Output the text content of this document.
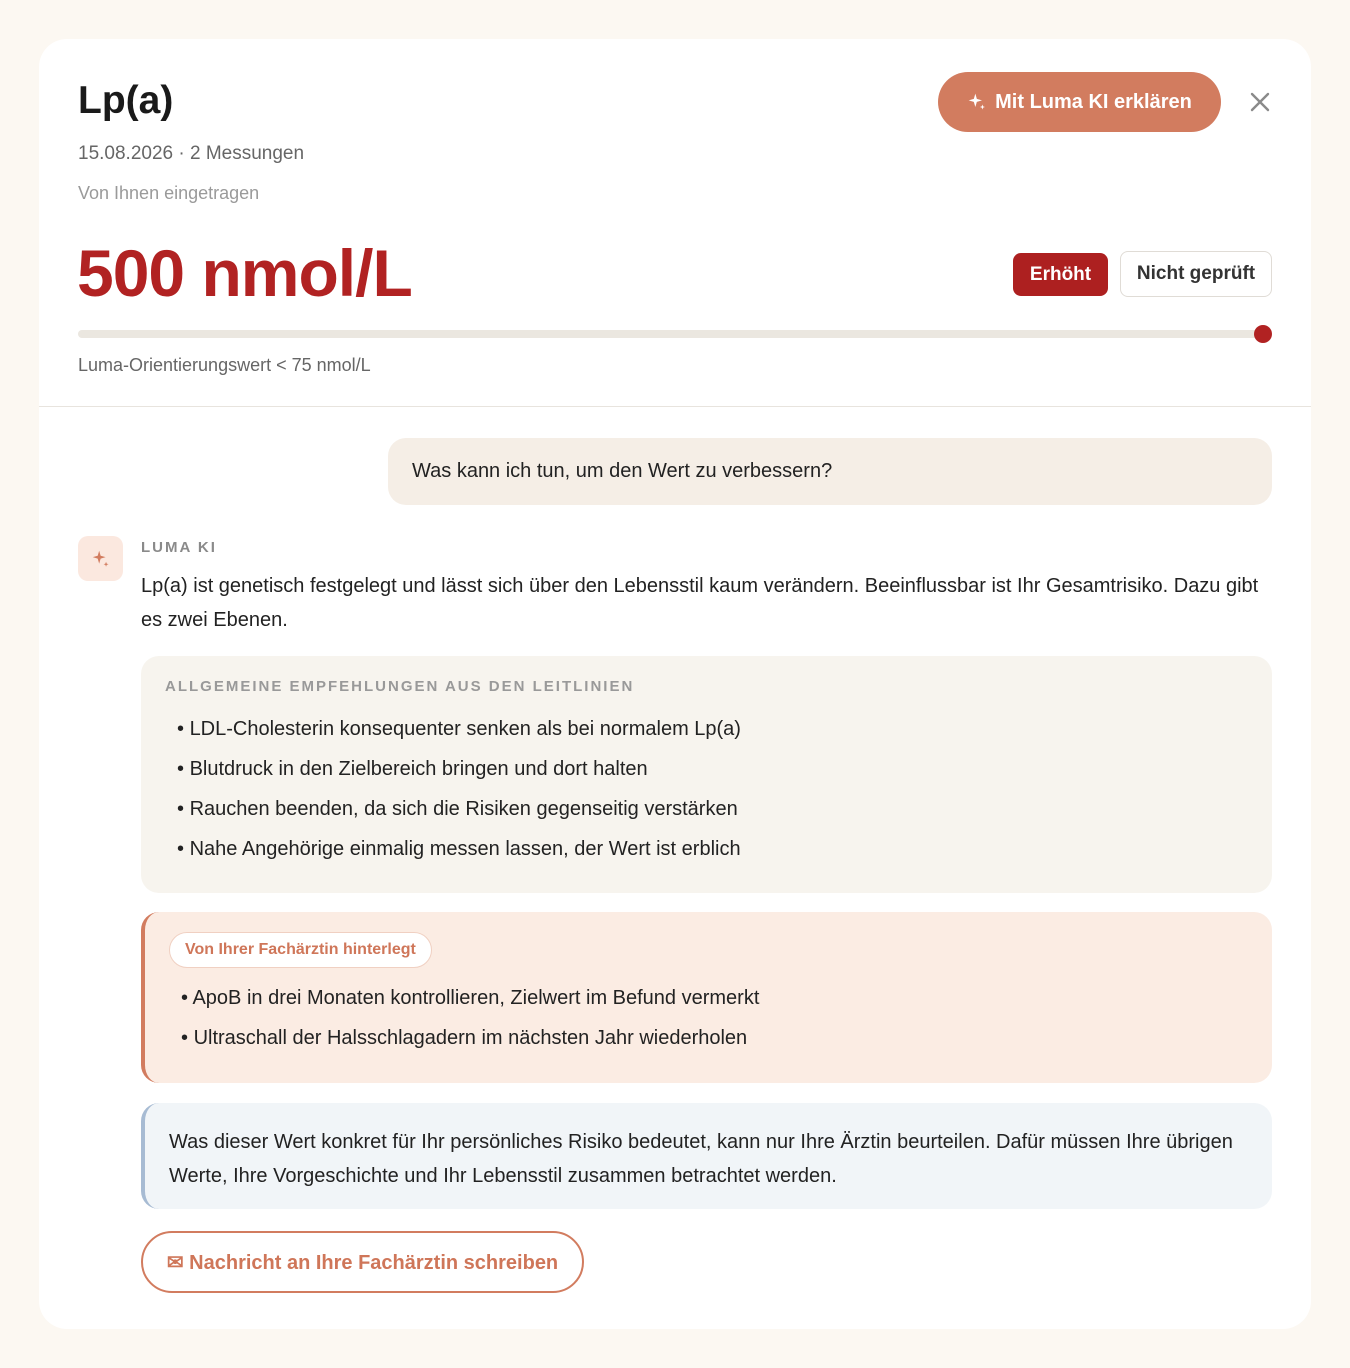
Lp(a)
15.08.2026 · 2 Messungen
Von Ihnen eingetragen
Mit Luma KI erklären
500 nmol/L	Erhöht	Nicht geprüft
Luma-Orientierungswert < 75 nmol/L
Was kann ich tun, um den Wert zu verbessern?
LUMA KI
Lp(a) ist genetisch festgelegt und lässt sich über den Lebensstil kaum verändern. Beeinflussbar ist Ihr Gesamtrisiko. Dazu gibt es zwei Ebenen.
ALLGEMEINE EMPFEHLUNGEN AUS DEN LEITLINIEN
• LDL-Cholesterin konsequenter senken als bei normalem Lp(a)
• Blutdruck in den Zielbereich bringen und dort halten
• Rauchen beenden, da sich die Risiken gegenseitig verstärken
• Nahe Angehörige einmalig messen lassen, der Wert ist erblich
Von Ihrer Fachärztin hinterlegt
• ApoB in drei Monaten kontrollieren, Zielwert im Befund vermerkt
• Ultraschall der Halsschlagadern im nächsten Jahr wiederholen
Was dieser Wert konkret für Ihr persönliches Risiko bedeutet, kann nur Ihre Ärztin beurteilen. Dafür müssen Ihre übrigen Werte, Ihre Vorgeschichte und Ihr Lebensstil zusammen betrachtet werden.
✉ Nachricht an Ihre Fachärztin schreiben
